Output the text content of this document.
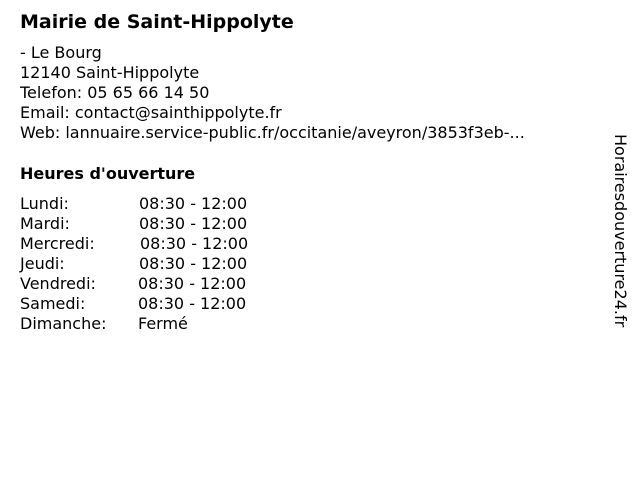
Mairie de Saint-Hippolyte
- Le Bourg
12140 Saint-Hippolyte
Telefon: 05 65 66 14 50
Email: contact@sainthippolyte.fr
Web: lannuaire.service-public.fr/occitanie/aveyron/3853f3eb-...
Heures d'ouverture
Lundi:	08:30 - 12:00
Mardi:	08:30 - 12:00
Mercredi:	08:30 - 12:00
Jeudi:	08:30 - 12:00
Vendredi:	08:30 - 12:00
Samedi:	08:30 - 12:00
Dimanche: Fermé	Horairesdouverture24.fr
